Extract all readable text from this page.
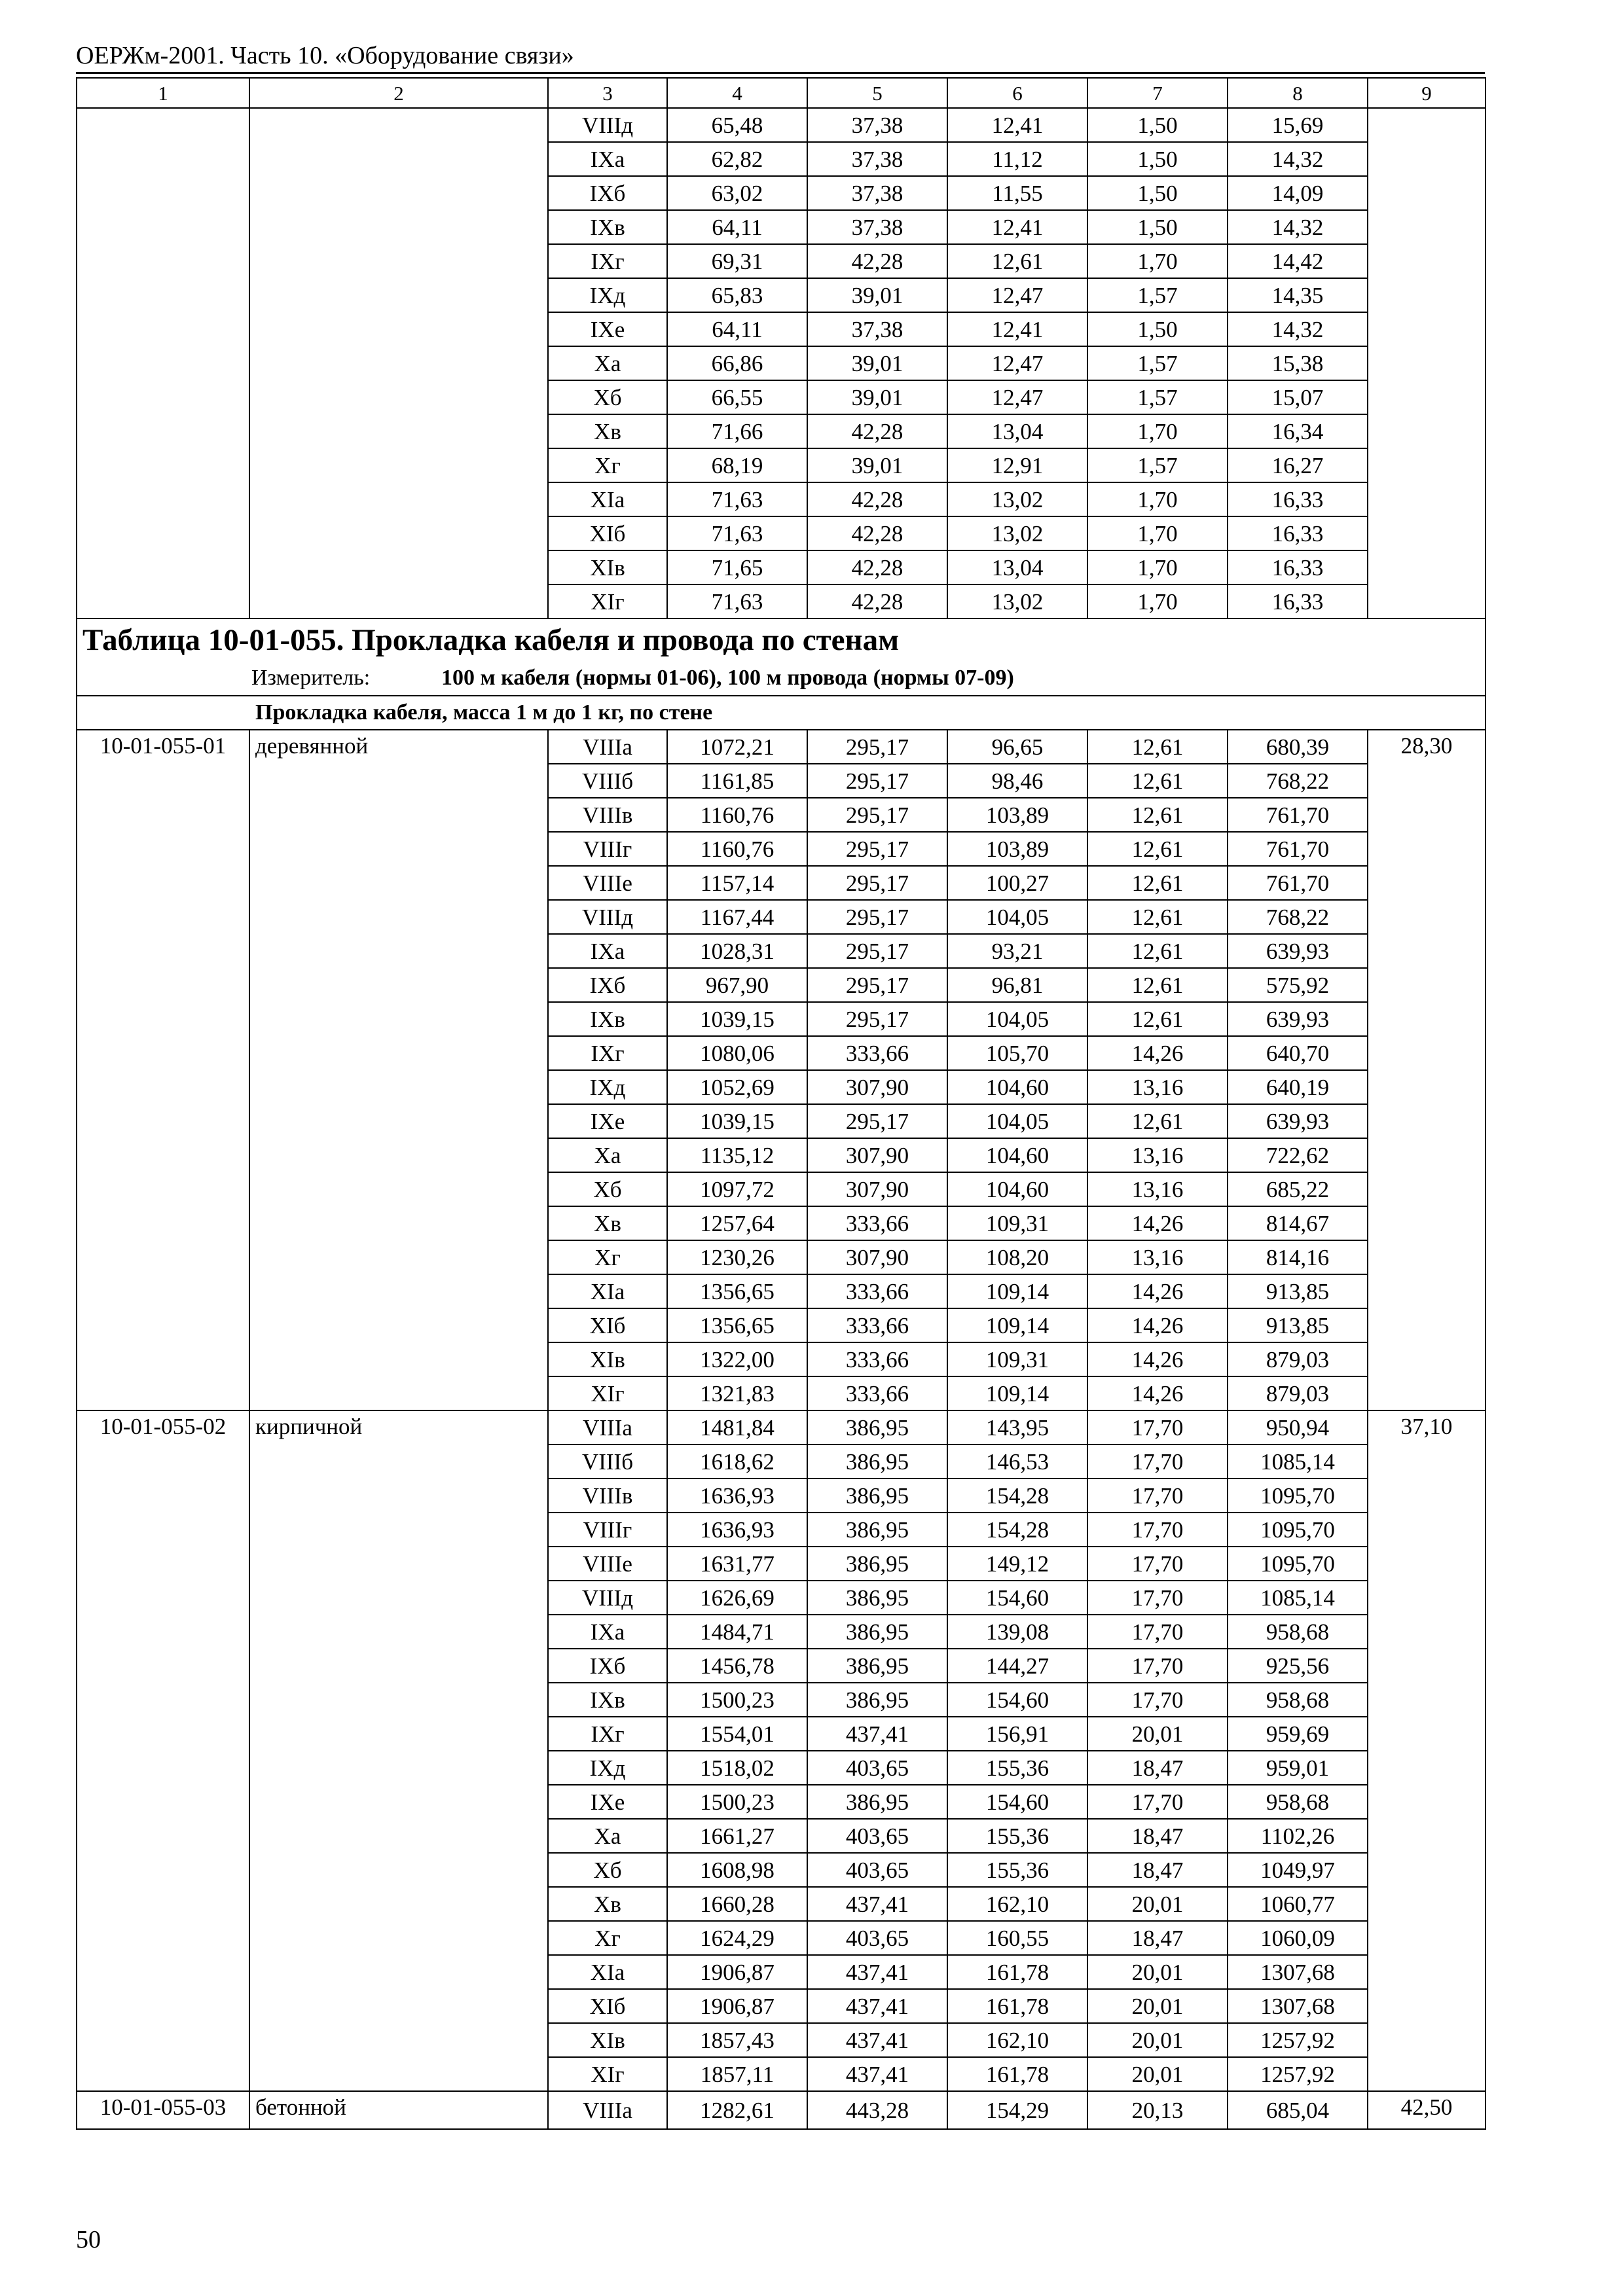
ОЕРЖм-2001. Часть 10. «Оборудование связи»
1	2	3	4	5	6	7	8	9
		VIIIд	65,48	37,38	12,41	1,50	15,69	
		IXа	62,82	37,38	11,12	1,50	14,32	
		IXб	63,02	37,38	11,55	1,50	14,09	
		IXв	64,11	37,38	12,41	1,50	14,32	
		IXг	69,31	42,28	12,61	1,70	14,42	
		IXд	65,83	39,01	12,47	1,57	14,35	
		IXе	64,11	37,38	12,41	1,50	14,32	
		Xа	66,86	39,01	12,47	1,57	15,38	
		Xб	66,55	39,01	12,47	1,57	15,07	
		Xв	71,66	42,28	13,04	1,70	16,34	
		Xг	68,19	39,01	12,91	1,57	16,27	
		XIа	71,63	42,28	13,02	1,70	16,33	
		XIб	71,63	42,28	13,02	1,70	16,33	
		XIв	71,65	42,28	13,04	1,70	16,33	
		XIг	71,63	42,28	13,02	1,70	16,33	
Таблица 10-01-055. Прокладка кабеля и провода по стенам								
Измеритель: 100 м кабеля (нормы 01-06), 100 м провода (нормы 07-09)								
Прокладка кабеля, масса 1 м до 1 кг, по стене								
10-01-055-01	деревянной	VIIIа	1072,21	295,17	96,65	12,61	680,39	28,30
		VIIIб	1161,85	295,17	98,46	12,61	768,22	
		VIIIв	1160,76	295,17	103,89	12,61	761,70	
		VIIIг	1160,76	295,17	103,89	12,61	761,70	
		VIIIе	1157,14	295,17	100,27	12,61	761,70	
		VIIIд	1167,44	295,17	104,05	12,61	768,22	
		IXа	1028,31	295,17	93,21	12,61	639,93	
		IXб	967,90	295,17	96,81	12,61	575,92	
		IXв	1039,15	295,17	104,05	12,61	639,93	
		IXг	1080,06	333,66	105,70	14,26	640,70	
		IXд	1052,69	307,90	104,60	13,16	640,19	
		IXе	1039,15	295,17	104,05	12,61	639,93	
		Xа	1135,12	307,90	104,60	13,16	722,62	
		Xб	1097,72	307,90	104,60	13,16	685,22	
		Xв	1257,64	333,66	109,31	14,26	814,67	
		Xг	1230,26	307,90	108,20	13,16	814,16	
		XIа	1356,65	333,66	109,14	14,26	913,85	
		XIб	1356,65	333,66	109,14	14,26	913,85	
		XIв	1322,00	333,66	109,31	14,26	879,03	
		XIг	1321,83	333,66	109,14	14,26	879,03	
10-01-055-02	кирпичной	VIIIа	1481,84	386,95	143,95	17,70	950,94	37,10
		VIIIб	1618,62	386,95	146,53	17,70	1085,14	
		VIIIв	1636,93	386,95	154,28	17,70	1095,70	
		VIIIг	1636,93	386,95	154,28	17,70	1095,70	
		VIIIе	1631,77	386,95	149,12	17,70	1095,70	
		VIIIд	1626,69	386,95	154,60	17,70	1085,14	
		IXа	1484,71	386,95	139,08	17,70	958,68	
		IXб	1456,78	386,95	144,27	17,70	925,56	
		IXв	1500,23	386,95	154,60	17,70	958,68	
		IXг	1554,01	437,41	156,91	20,01	959,69	
		IXд	1518,02	403,65	155,36	18,47	959,01	
		IXе	1500,23	386,95	154,60	17,70	958,68	
		Xа	1661,27	403,65	155,36	18,47	1102,26	
		Xб	1608,98	403,65	155,36	18,47	1049,97	
		Xв	1660,28	437,41	162,10	20,01	1060,77	
		Xг	1624,29	403,65	160,55	18,47	1060,09	
		XIа	1906,87	437,41	161,78	20,01	1307,68	
		XIб	1906,87	437,41	161,78	20,01	1307,68	
		XIв	1857,43	437,41	162,10	20,01	1257,92	
		XIг	1857,11	437,41	161,78	20,01	1257,92	
10-01-055-03	бетонной	VIIIа	1282,61	443,28	154,29	20,13	685,04	42,50
50
